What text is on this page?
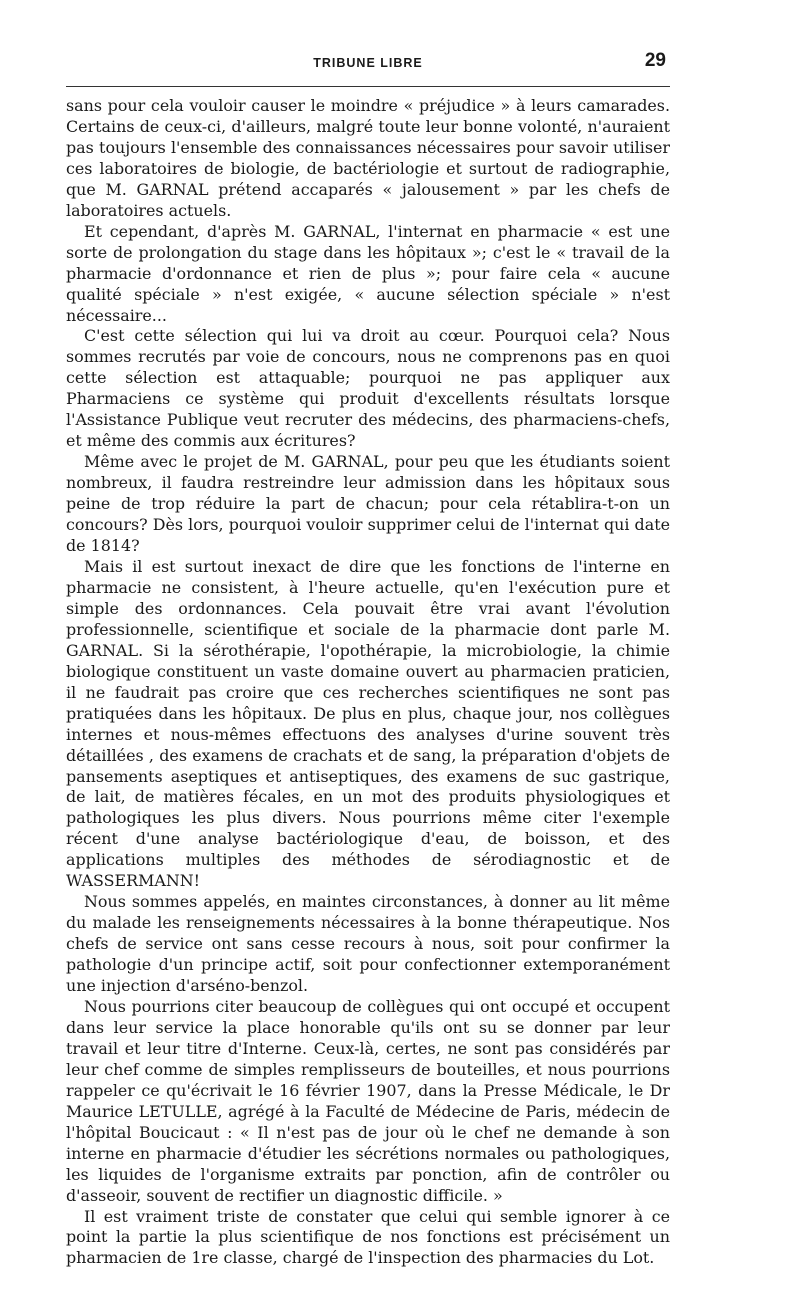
TRIBUNE LIBRE	29

sans pour cela vouloir causer le moindre « préjudice » à leurs camarades. Certains de ceux-ci, d'ailleurs, malgré toute leur bonne volonté, n'auraient pas toujours l'ensemble des connaissances nécessaires pour savoir utiliser ces laboratoires de biologie, de bactériologie et surtout de radiographie, que M. GARNAL prétend accaparés « jalousement » par les chefs de laboratoires actuels.

Et cependant, d'après M. GARNAL, l'internat en pharmacie « est une sorte de prolongation du stage dans les hôpitaux »; c'est le « travail de la pharmacie d'ordonnance et rien de plus »; pour faire cela « aucune qualité spéciale » n'est exigée, « aucune sélection spéciale » n'est nécessaire...

C'est cette sélection qui lui va droit au cœur. Pourquoi cela? Nous sommes recrutés par voie de concours, nous ne comprenons pas en quoi cette sélection est attaquable; pourquoi ne pas appliquer aux Pharmaciens ce système qui produit d'excellents résultats lorsque l'Assistance Publique veut recruter des médecins, des pharmaciens-chefs, et même des commis aux écritures?

Même avec le projet de M. GARNAL, pour peu que les étudiants soient nombreux, il faudra restreindre leur admission dans les hôpitaux sous peine de trop réduire la part de chacun; pour cela rétablira-t-on un concours? Dès lors, pourquoi vouloir supprimer celui de l'internat qui date de 1814?

Mais il est surtout inexact de dire que les fonctions de l'interne en pharmacie ne consistent, à l'heure actuelle, qu'en l'exécution pure et simple des ordonnances. Cela pouvait être vrai avant l'évolution professionnelle, scientifique et sociale de la pharmacie dont parle M. GARNAL. Si la sérothérapie, l'opothérapie, la microbiologie, la chimie biologique constituent un vaste domaine ouvert au pharmacien praticien, il ne faudrait pas croire que ces recherches scientifiques ne sont pas pratiquées dans les hôpitaux. De plus en plus, chaque jour, nos collègues internes et nous-mêmes effectuons des analyses d'urine souvent très détaillées , des examens de crachats et de sang, la préparation d'objets de pansements aseptiques et antiseptiques, des examens de suc gastrique, de lait, de matières fécales, en un mot des produits physiologiques et pathologiques les plus divers. Nous pourrions même citer l'exemple récent d'une analyse bactériologique d'eau, de boisson, et des applications multiples des méthodes de sérodiagnostic et de WASSERMANN!

Nous sommes appelés, en maintes circonstances, à donner au lit même du malade les renseignements nécessaires à la bonne thérapeutique. Nos chefs de service ont sans cesse recours à nous, soit pour confirmer la pathologie d'un principe actif, soit pour confectionner extemporanément une injection d'arséno-benzol.

Nous pourrions citer beaucoup de collègues qui ont occupé et occupent dans leur service la place honorable qu'ils ont su se donner par leur travail et leur titre d'Interne. Ceux-là, certes, ne sont pas considérés par leur chef comme de simples remplisseurs de bouteilles, et nous pourrions rappeler ce qu'écrivait le 16 février 1907, dans la Presse Médicale, le Dr Maurice LETULLE, agrégé à la Faculté de Médecine de Paris, médecin de l'hôpital Boucicaut : « Il n'est pas de jour où le chef ne demande à son interne en pharmacie d'étudier les sécrétions normales ou pathologiques, les liquides de l'organisme extraits par ponction, afin de contrôler ou d'asseoir, souvent de rectifier un diagnostic difficile. »

Il est vraiment triste de constater que celui qui semble ignorer à ce point la partie la plus scientifique de nos fonctions est précisément un pharmacien de 1re classe, chargé de l'inspection des pharmacies du Lot.
